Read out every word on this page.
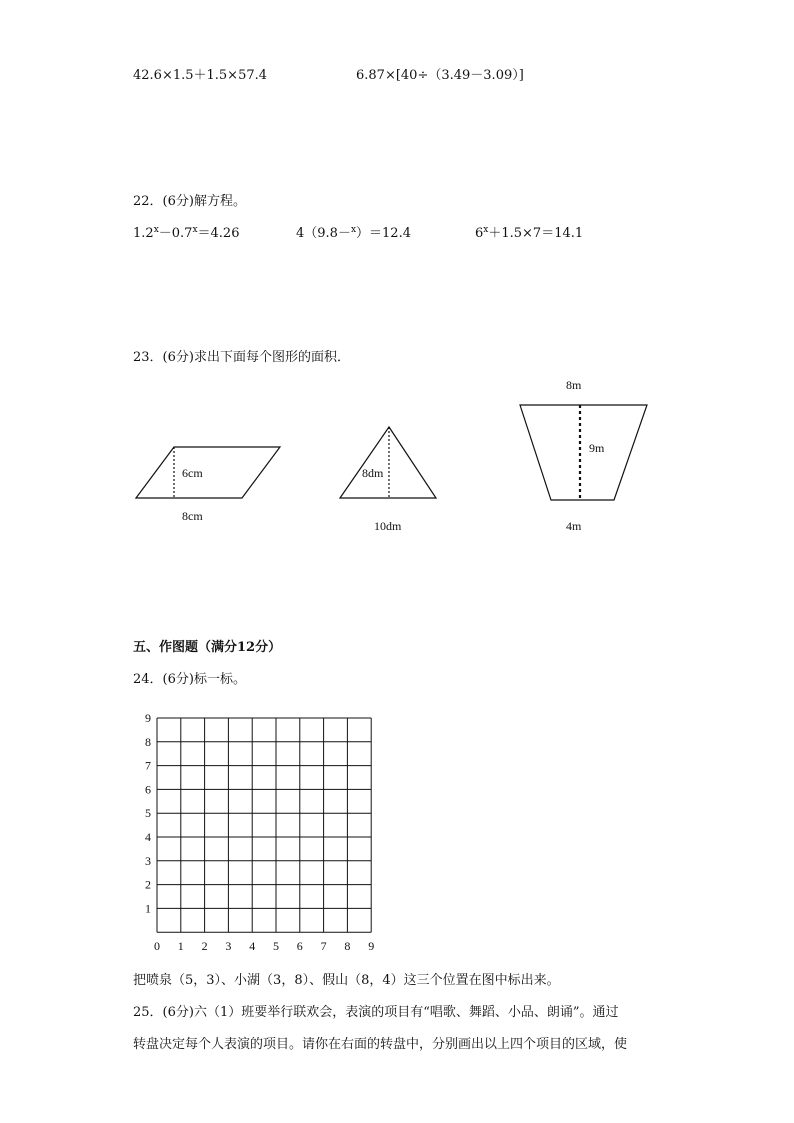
42.6×1.5＋1.5×57.4	6.87×[40÷（3.49－3.09）]
22．(6分)解方程。
$1.2^x-0.7^x=4.26$	4（9.8－$^x$）＝12.4	$6^x+1.5\times 7=14.1$
23．(6分)求出下面每个图形的面积．
6cm
8cm
8dm
10dm
8m
9m
4m
9
8
7
6
5
4
3
2
1
0 1 2 3 4 5 6 7 8 9
五、作图题（满分12分）
24．(6分)标一标。
把喷泉（5，3）、小湖（3，8）、假山（8，4）这三个位置在图中标出来。
25．(6分)六（1）班要举行联欢会，表演的项目有“唱歌、舞蹈、小品、朗诵”。通过
转盘决定每个人表演的项目。请你在右面的转盘中，分别画出以上四个项目的区域，使
